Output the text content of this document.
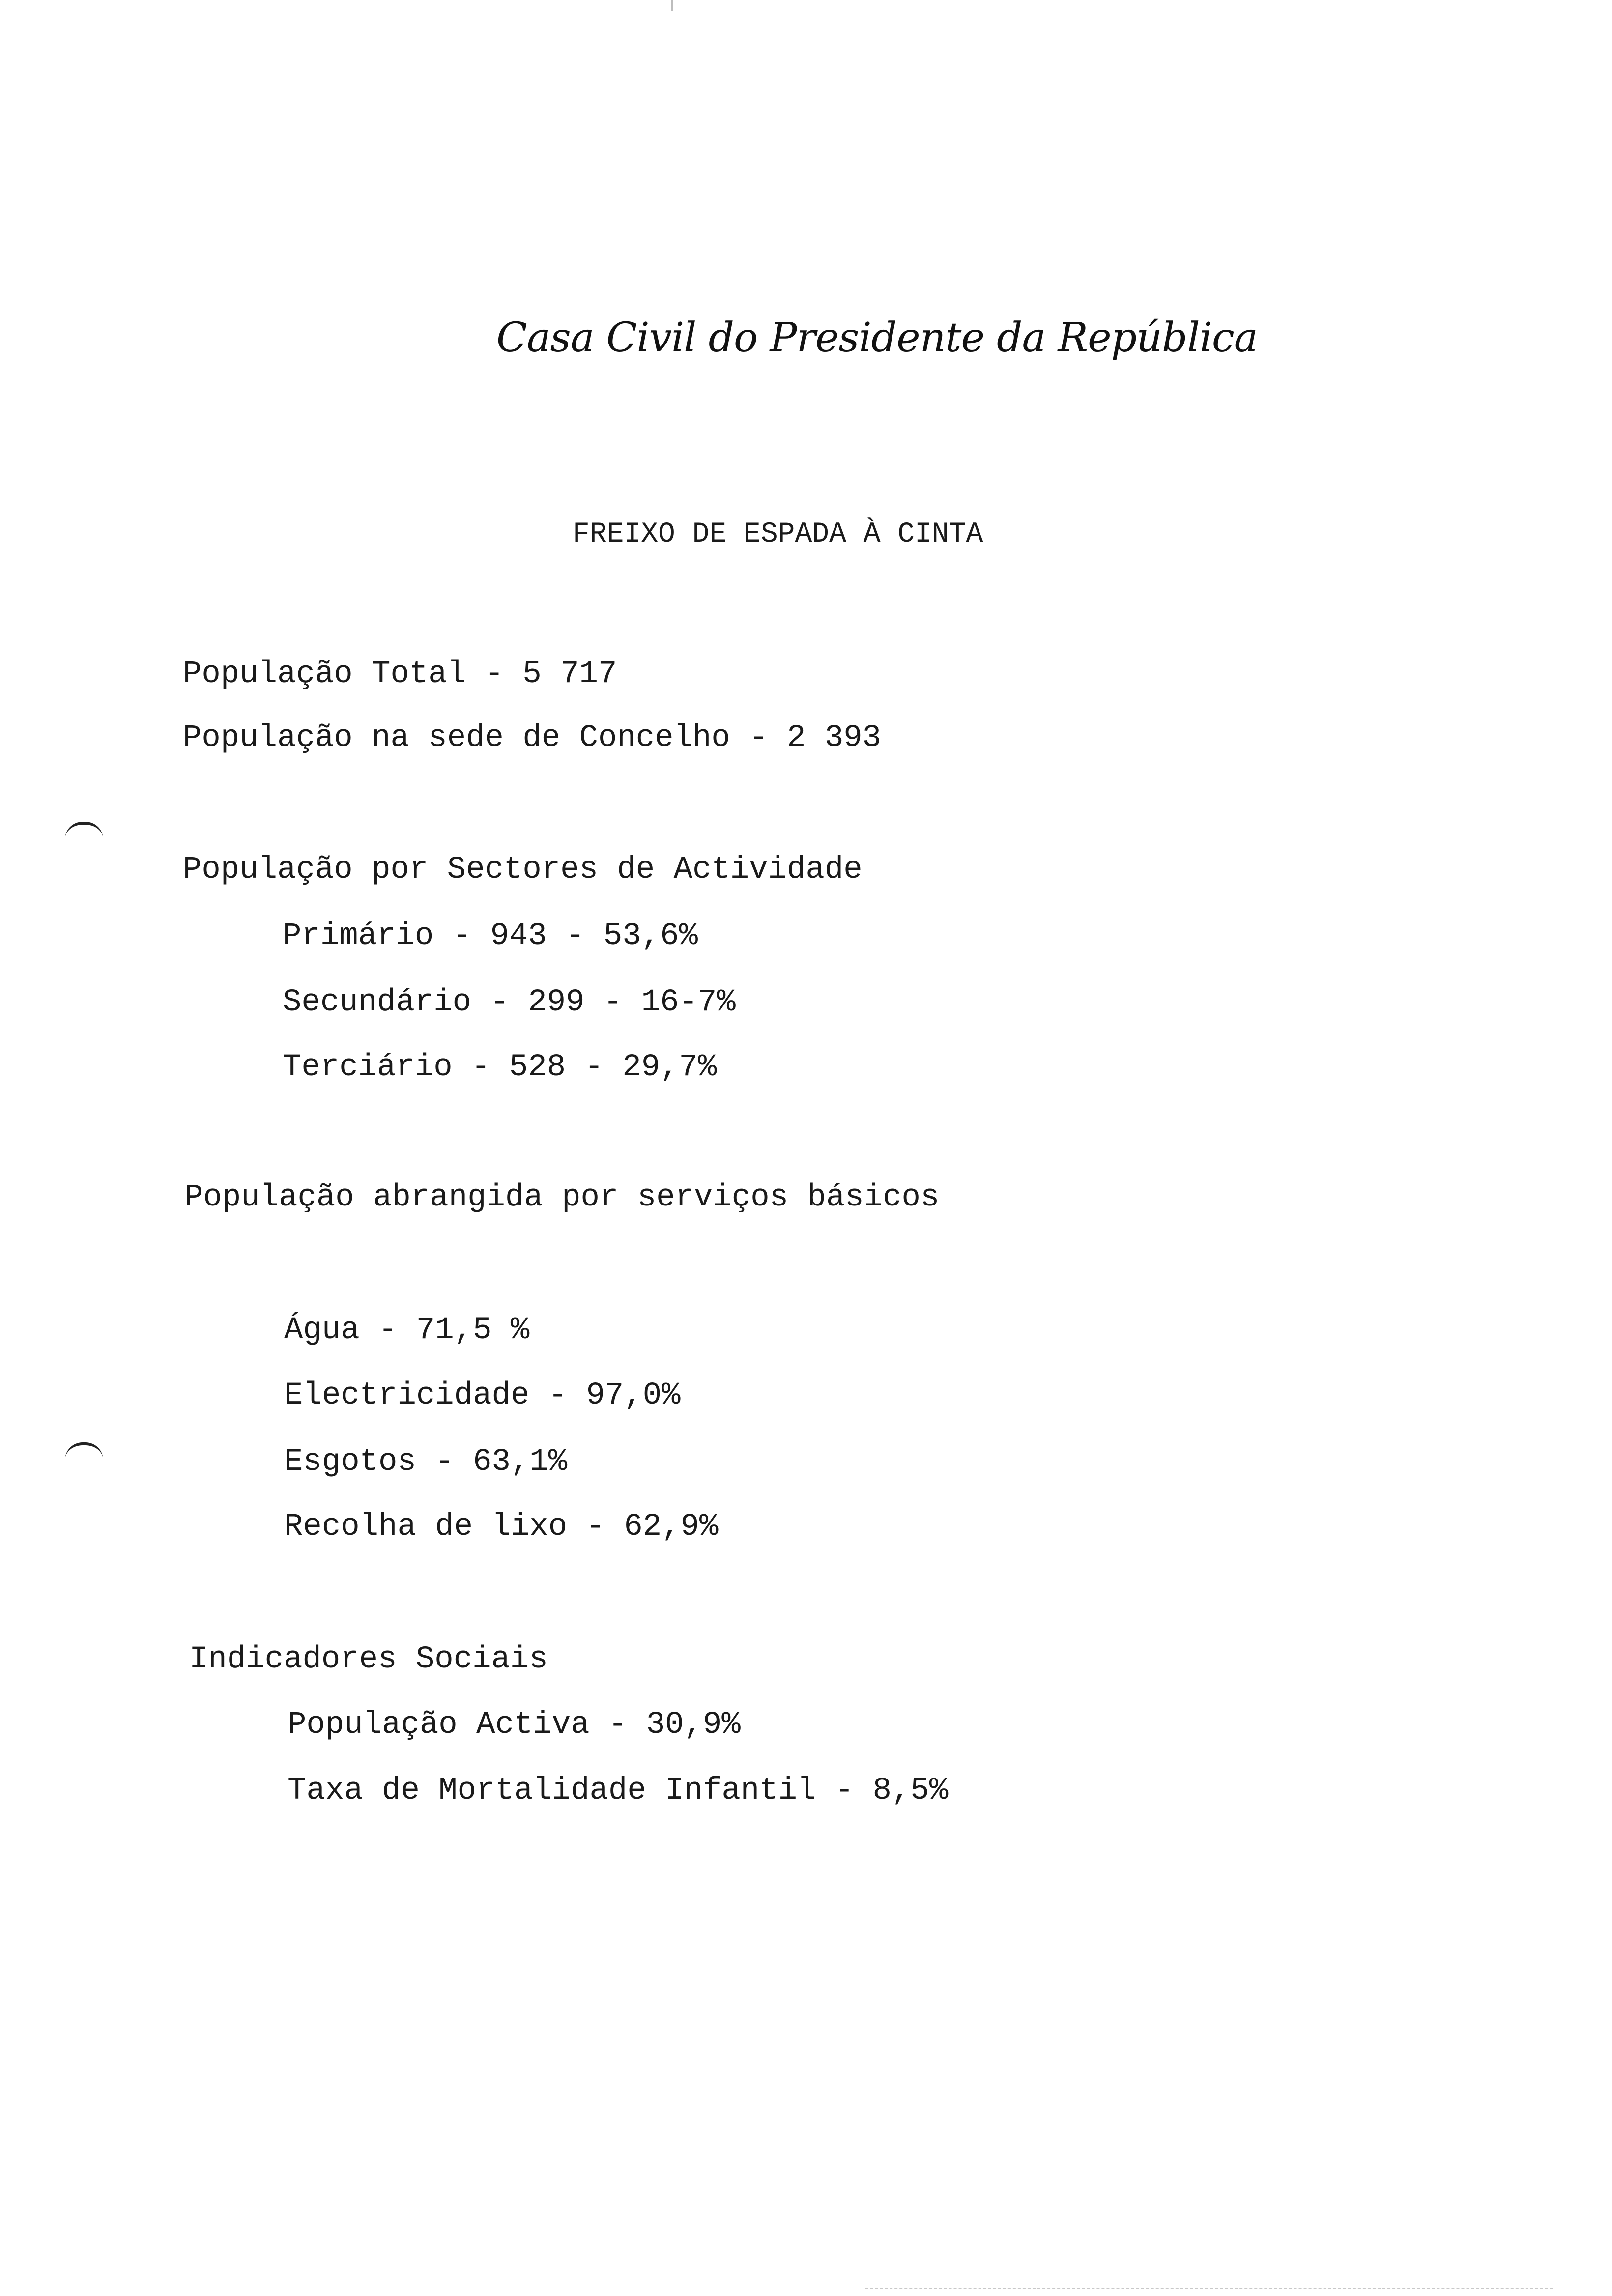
Casa Civil do Presidente da República
FREIXO DE ESPADA À CINTA
População Total - 5 717
População na sede de Concelho - 2 393
População por Sectores de Actividade
Primário - 943 - 53,6%
Secundário - 299 - 16-7%
Terciário - 528 - 29,7%
População abrangida por serviços básicos
Água - 71,5 %
Electricidade - 97,0%
Esgotos - 63,1%
Recolha de lixo - 62,9%
Indicadores Sociais
População Activa - 30,9%
Taxa de Mortalidade Infantil - 8,5%
